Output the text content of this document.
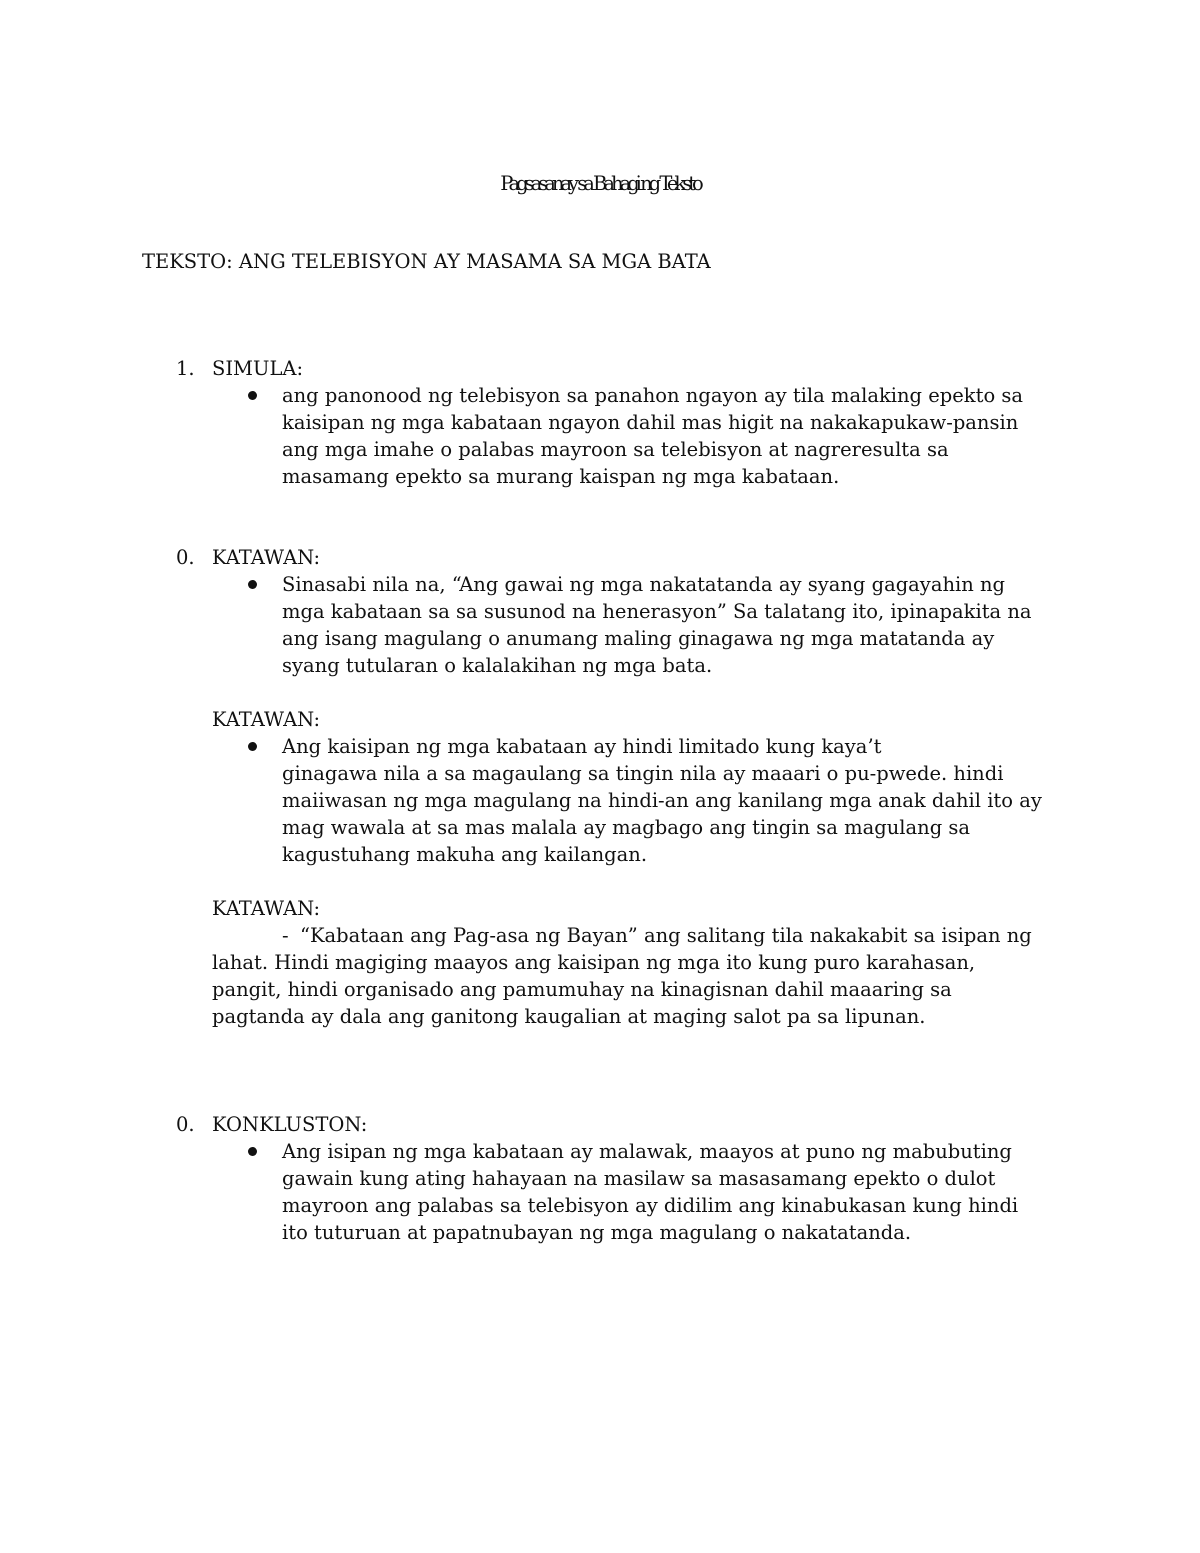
Pagsasanay sa Bahagi ng Teksto
TEKSTO: ANG TELEBISYON AY MASAMA SA MGA BATA
1. SIMULA:
ang panonood ng telebisyon sa panahon ngayon ay tila malaking epekto sa
kaisipan ng mga kabataan ngayon dahil mas higit na nakakapukaw-pansin
ang mga imahe o palabas mayroon sa telebisyon at nagreresulta sa
masamang epekto sa murang kaispan ng mga kabataan.
0. KATAWAN:
Sinasabi nila na, “Ang gawai ng mga nakatatanda ay syang gagayahin ng
mga kabataan sa sa susunod na henerasyon” Sa talatang ito, ipinapakita na
ang isang magulang o anumang maling ginagawa ng mga matatanda ay
syang tutularan o kalalakihan ng mga bata.
KATAWAN:
Ang kaisipan ng mga kabataan ay hindi limitado kung kaya’t
ginagawa nila a sa magaulang sa tingin nila ay maaari o pu-pwede. hindi
maiiwasan ng mga magulang na hindi-an ang kanilang mga anak dahil ito ay
mag wawala at sa mas malala ay magbago ang tingin sa magulang sa
kagustuhang makuha ang kailangan.
KATAWAN:
- “Kabataan ang Pag-asa ng Bayan” ang salitang tila nakakabit sa isipan ng
lahat. Hindi magiging maayos ang kaisipan ng mga ito kung puro karahasan,
pangit, hindi organisado ang pamumuhay na kinagisnan dahil maaaring sa
pagtanda ay dala ang ganitong kaugalian at maging salot pa sa lipunan.
0. KONKLUSTON:
Ang isipan ng mga kabataan ay malawak, maayos at puno ng mabubuting
gawain kung ating hahayaan na masilaw sa masasamang epekto o dulot
mayroon ang palabas sa telebisyon ay didilim ang kinabukasan kung hindi
ito tuturuan at papatnubayan ng mga magulang o nakatatanda.
